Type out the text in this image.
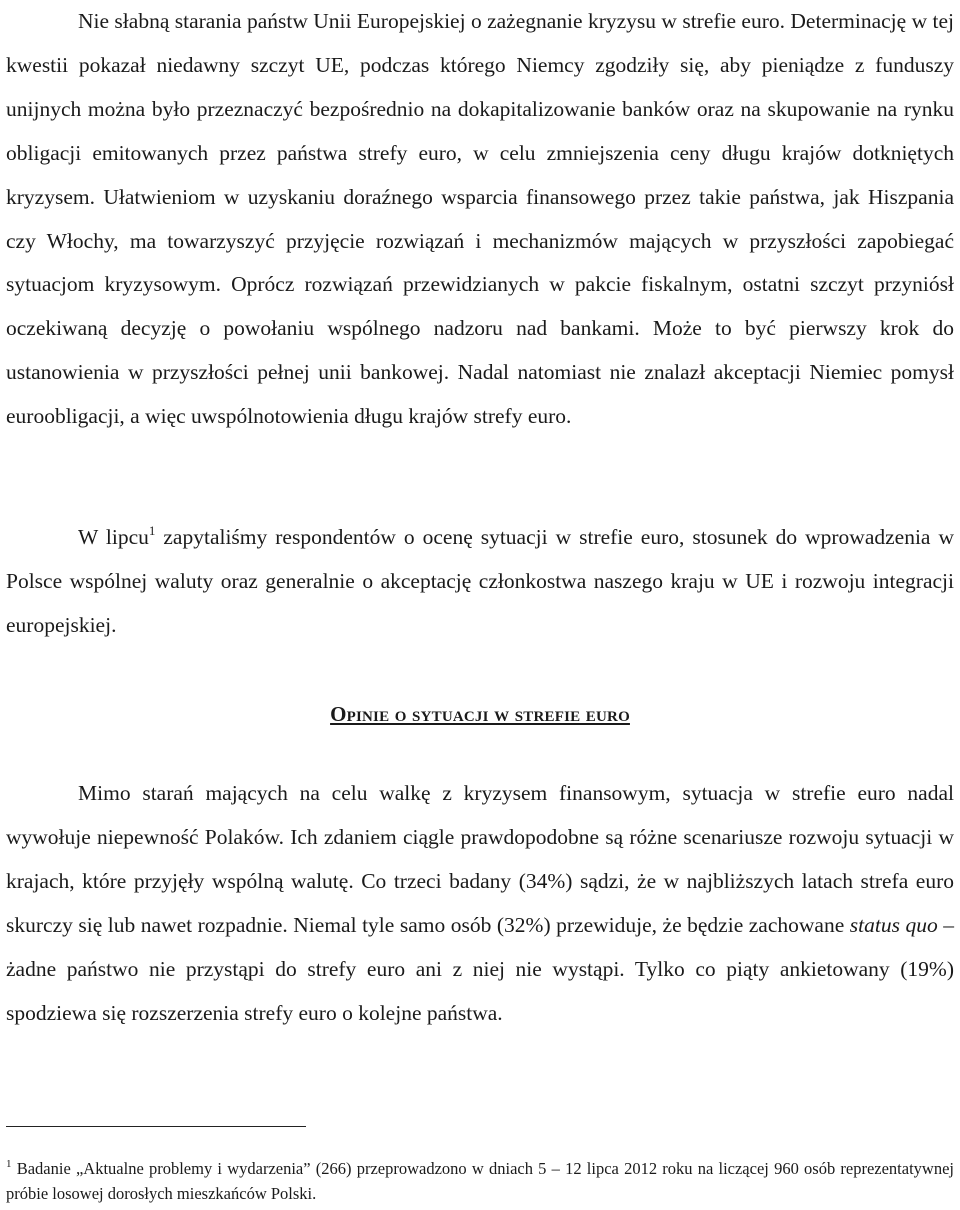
Nie słabną starania państw Unii Europejskiej o zażegnanie kryzysu w strefie euro. Determinację w tej kwestii pokazał niedawny szczyt UE, podczas którego Niemcy zgodziły się, aby pieniądze z funduszy unijnych można było przeznaczyć bezpośrednio na dokapitalizowanie banków oraz na skupowanie na rynku obligacji emitowanych przez państwa strefy euro, w celu zmniejszenia ceny długu krajów dotkniętych kryzysem. Ułatwieniom w uzyskaniu doraźnego wsparcia finansowego przez takie państwa, jak Hiszpania czy Włochy, ma towarzyszyć przyjęcie rozwiązań i mechanizmów mających w przyszłości zapobiegać sytuacjom kryzysowym. Oprócz rozwiązań przewidzianych w pakcie fiskalnym, ostatni szczyt przyniósł oczekiwaną decyzję o powołaniu wspólnego nadzoru nad bankami. Może to być pierwszy krok do ustanowienia w przyszłości pełnej unii bankowej. Nadal natomiast nie znalazł akceptacji Niemiec pomysł euroobligacji, a więc uwspólnotowienia długu krajów strefy euro.

W lipcu$^1$ zapytaliśmy respondentów o ocenę sytuacji w strefie euro, stosunek do wprowadzenia w Polsce wspólnej waluty oraz generalnie o akceptację członkostwa naszego kraju w UE i rozwoju integracji europejskiej.

Opinie o sytuacji w strefie euro

Mimo starań mających na celu walkę z kryzysem finansowym, sytuacja w strefie euro nadal wywołuje niepewność Polaków. Ich zdaniem ciągle prawdopodobne są różne scenariusze rozwoju sytuacji w krajach, które przyjęły wspólną walutę. Co trzeci badany (34%) sądzi, że w najbliższych latach strefa euro skurczy się lub nawet rozpadnie. Niemal tyle samo osób (32%) przewiduje, że będzie zachowane status quo – żadne państwo nie przystąpi do strefy euro ani z niej nie wystąpi. Tylko co piąty ankietowany (19%) spodziewa się rozszerzenia strefy euro o kolejne państwa.

$^1$ Badanie „Aktualne problemy i wydarzenia” (266) przeprowadzono w dniach 5 – 12 lipca 2012 roku na liczącej 960 osób reprezentatywnej próbie losowej dorosłych mieszkańców Polski.
